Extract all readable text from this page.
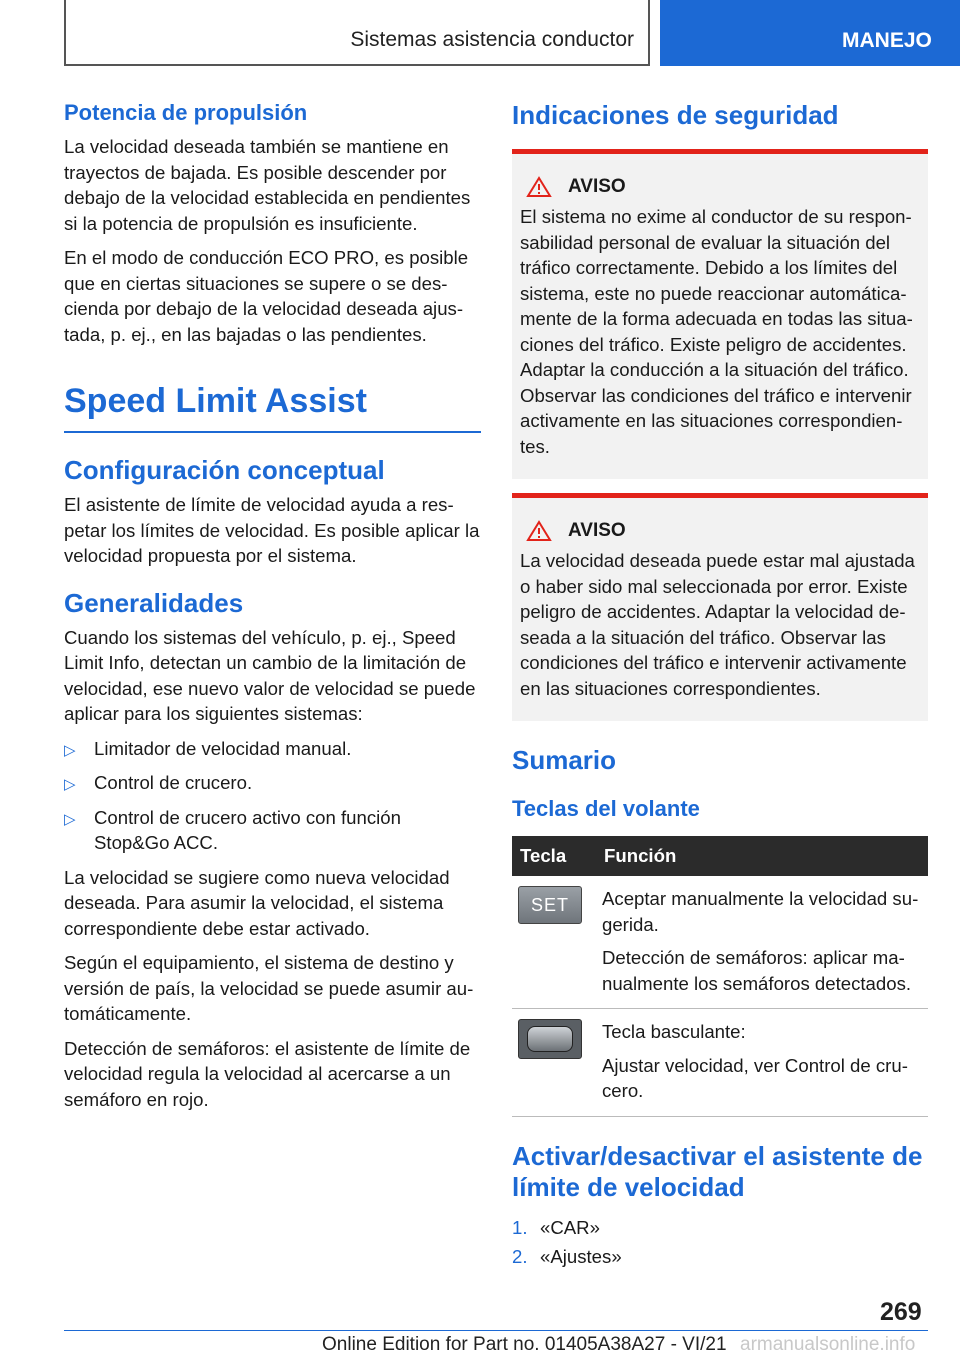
Sistemas asistencia conductor	MANEJO
Potencia de propulsión

La velocidad deseada también se mantiene en trayectos de bajada. Es posible descender por debajo de la velocidad establecida en pendientes si la potencia de propulsión es insuficiente.

En el modo de conducción ECO PRO, es posible que en ciertas situaciones se supere o se descienda por debajo de la velocidad deseada ajustada, p. ej., en las bajadas o las pendientes.

Speed Limit Assist
Configuración conceptual

El asistente de límite de velocidad ayuda a respetar los límites de velocidad. Es posible aplicar la velocidad propuesta por el sistema.

Generalidades

Cuando los sistemas del vehículo, p. ej., Speed Limit Info, detectan un cambio de la limitación de velocidad, ese nuevo valor de velocidad se puede aplicar para los siguientes sistemas:

▷ Limitador de velocidad manual.
▷ Control de crucero.
▷ Control de crucero activo con función Stop&Go ACC.

La velocidad se sugiere como nueva velocidad deseada. Para asumir la velocidad, el sistema correspondiente debe estar activado.

Según el equipamiento, el sistema de destino y versión de país, la velocidad se puede asumir automáticamente.

Detección de semáforos: el asistente de límite de velocidad regula la velocidad al acercarse a un semáforo en rojo.

Indicaciones de seguridad
AVISO

El sistema no exime al conductor de su responsabilidad personal de evaluar la situación del tráfico correctamente. Debido a los límites del sistema, este no puede reaccionar automáticamente de la forma adecuada en todas las situaciones del tráfico. Existe peligro de accidentes. Adaptar la conducción a la situación del tráfico. Observar las condiciones del tráfico e intervenir activamente en las situaciones correspondientes.

AVISO

La velocidad deseada puede estar mal ajustada o haber sido mal seleccionada por error. Existe peligro de accidentes. Adaptar la velocidad deseada a la situación del tráfico. Observar las condiciones del tráfico e intervenir activamente en las situaciones correspondientes.

Sumario
Teclas del volante
Tecla	Función

SET	Aceptar manualmente la velocidad sugerida.

Detección de semáforos: aplicar manualmente los semáforos detectados.

	Tecla basculante:

Ajustar velocidad, ver Control de crucero.

Activar/desactivar el asistente de límite de velocidad
1. «CAR»
2. «Ajustes»
269
Online Edition for Part no. 01405A38A27 - VI/21 armanualsonline.info
